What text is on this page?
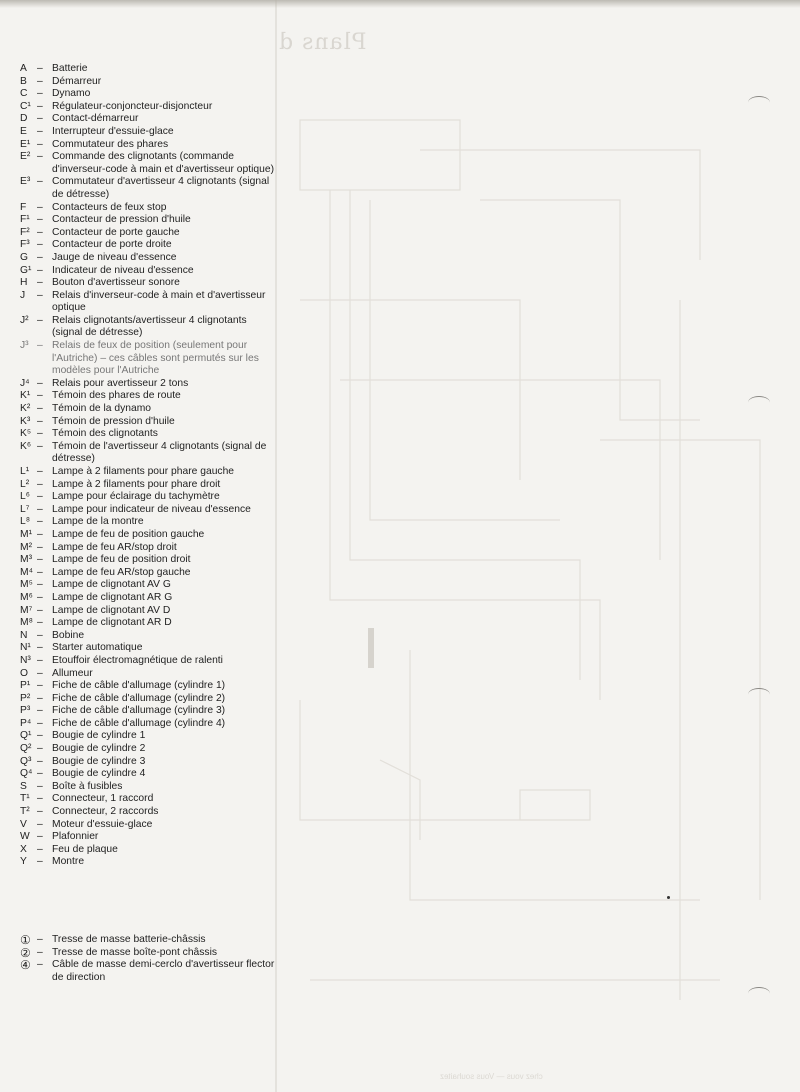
Plans d
chez vous — Vous souhaitez
A – Batterie
B – Démarreur
C – Dynamo
C¹ – Régulateur-conjoncteur-disjoncteur
D – Contact-démarreur
E – Interrupteur d'essuie-glace
E¹ – Commutateur des phares
E² – Commande des clignotants (commande d'inverseur-code à main et d'avertisseur optique)
E³ – Commutateur d'avertisseur 4 clignotants (signal de détresse)
F	– Contacteurs de feux stop
F¹ – Contacteur de pression d'huile
F² – Contacteur de porte gauche
F³ – Contacteur de porte droite
G – Jauge de niveau d'essence
G¹ – Indicateur de niveau d'essence
H – Bouton d'avertisseur sonore
J	– Relais d'inverseur-code à main et d'avertisseur optique
J² – Relais clignotants/avertisseur 4 clignotants (signal de détresse)
J³ – Relais de feux de position (seulement pour l'Autriche) – ces câbles sont permutés sur les modèles pour l'Autriche
J⁴ – Relais pour avertisseur 2 tons
K¹ – Témoin des phares de route
K² – Témoin de la dynamo
K³ – Témoin de pression d'huile
K⁵ – Témoin des clignotants
K⁶ – Témoin de l'avertisseur 4 clignotants (signal de détresse)
L¹ – Lampe à 2 filaments pour phare gauche
L² – Lampe à 2 filaments pour phare droit
L⁶ – Lampe pour éclairage du tachymètre
L⁷ – Lampe pour indicateur de niveau d'essence
L⁸ – Lampe de la montre
M¹ – Lampe de feu de position gauche
M² – Lampe de feu AR/stop droit
M³ – Lampe de feu de position droit
M⁴ – Lampe de feu AR/stop gauche
M⁵ – Lampe de clignotant AV G
M⁶ – Lampe de clignotant AR G
M⁷ – Lampe de clignotant AV D
M⁸ – Lampe de clignotant AR D
N – Bobine
N¹ – Starter automatique
N³ – Etouffoir électromagnétique de ralenti
O – Allumeur
P¹ – Fiche de câble d'allumage (cylindre 1)
P² – Fiche de câble d'allumage (cylindre 2)
P³ – Fiche de câble d'allumage (cylindre 3)
P⁴ – Fiche de câble d'allumage (cylindre 4)
Q¹ – Bougie de cylindre 1
Q² – Bougie de cylindre 2
Q³ – Bougie de cylindre 3
Q⁴ – Bougie de cylindre 4
S – Boîte à fusibles
T¹ – Connecteur, 1 raccord
T² – Connecteur, 2 raccords
V – Moteur d'essuie-glace
W – Plafonnier
X – Feu de plaque
Y – Montre
① – Tresse de masse batterie-châssis
② – Tresse de masse boîte-pont châssis
④ – Câble de masse demi-cerclo d'avertisseur flector de direction
